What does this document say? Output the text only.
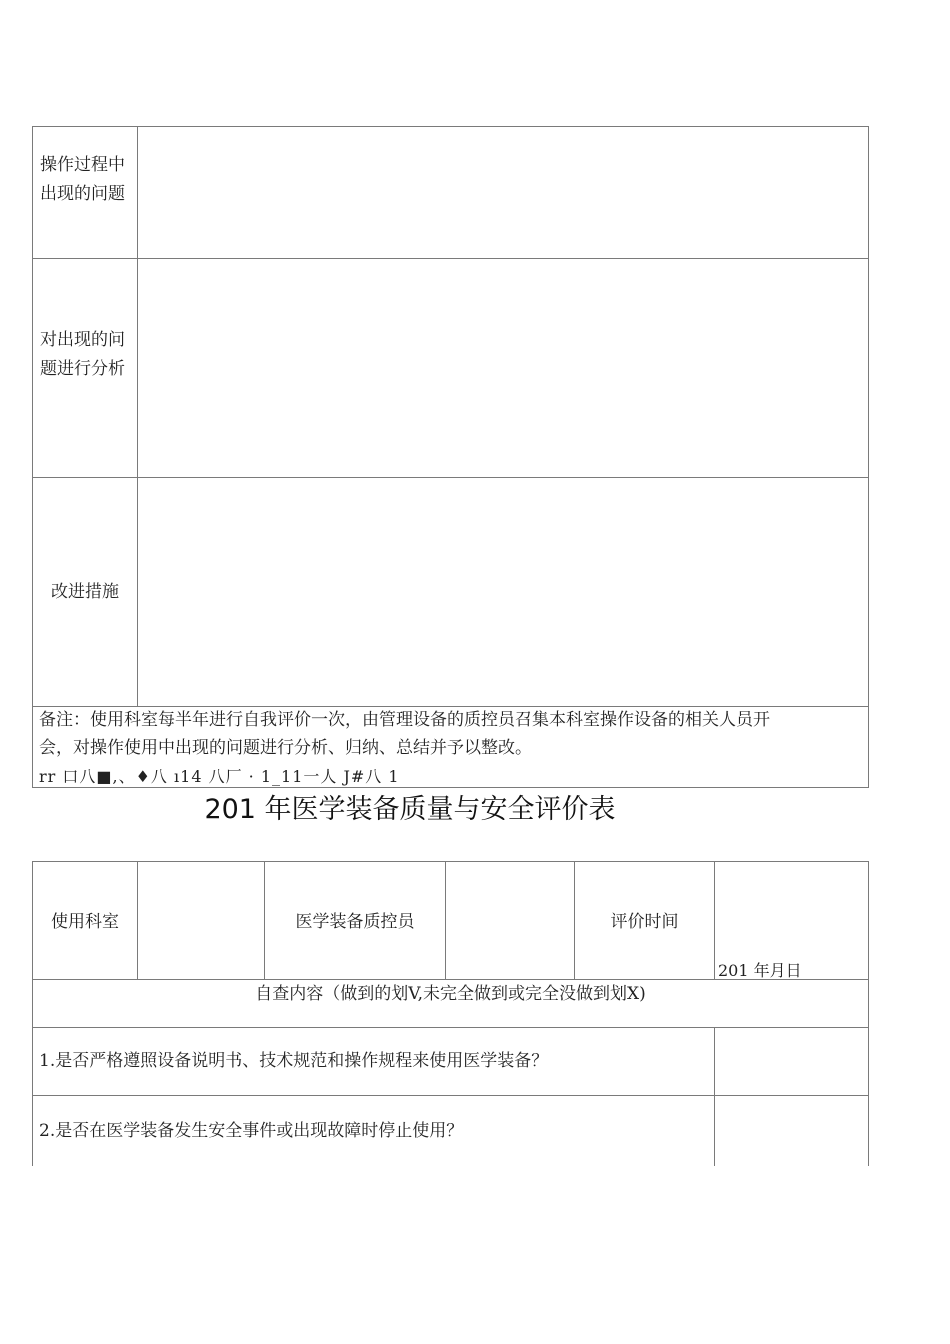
操作过程中出现的问题
对出现的问题进行分析
改进措施
备注：使用科室每半年进行自我评价一次，由管理设备的质控员召集本科室操作设备的相关人员开
会，对操作使用中出现的问题进行分析、归纳、总结并予以整改。
rr 口八■,、♦八 ı14 八厂 · 1_11一人 J#八 1
201 年医学装备质量与安全评价表
使用科室	医学装备质控员	评价时间
201 年月日
自查内容（做到的划V,未完全做到或完全没做到划X)
1.是否严格遵照设备说明书、技术规范和操作规程来使用医学装备？
2.是否在医学装备发生安全事件或出现故障时停止使用？
